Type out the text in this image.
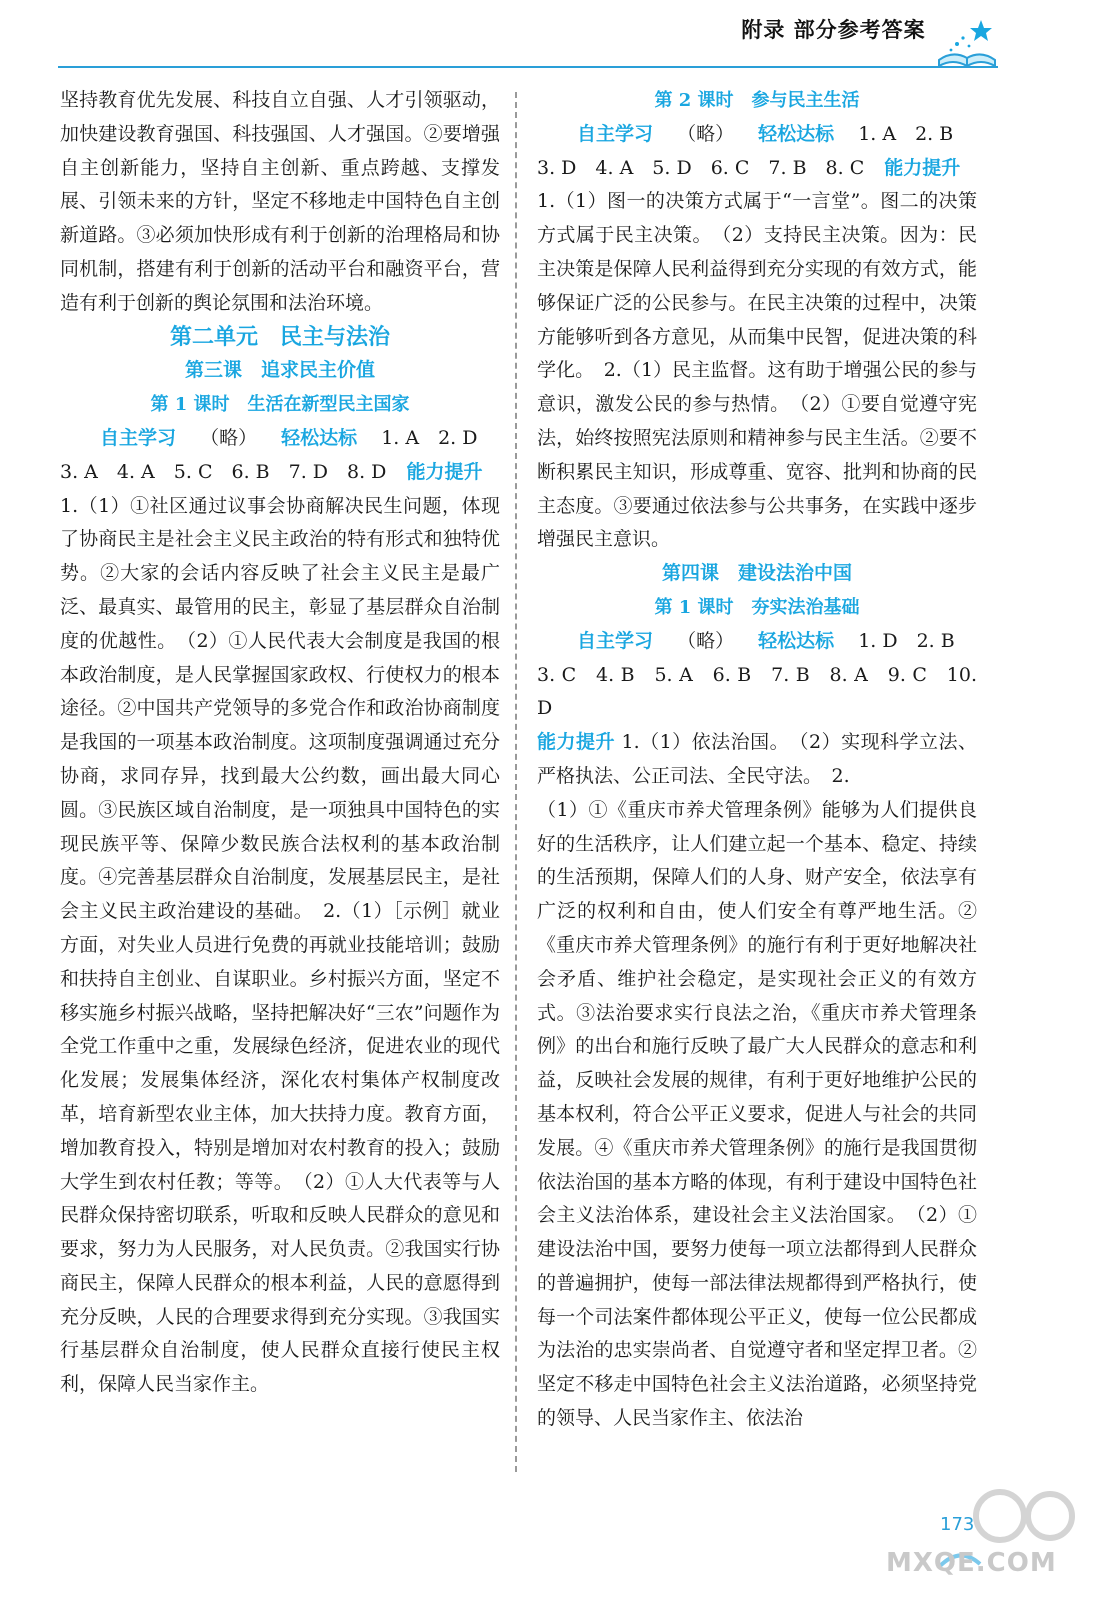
附录 部分参考答案

坚持教育优先发展、科技自立自强、人才引领驱动，加快建设教育强国、科技强国、人才强国。②要增强自主创新能力，坚持自主创新、重点跨越、支撑发展、引领未来的方针，坚定不移地走中国特色自主创新道路。③必须加快形成有利于创新的治理格局和协同机制，搭建有利于创新的活动平台和融资平台，营造有利于创新的舆论氛围和法治环境。

第二单元　民主与法治

第三课　追求民主价值

第 1 课时　生活在新型民主国家

自主学习 （略） 轻松达标 1. A　2. D
3. A　4. A　5. C　6. B　7. D　8. D 能力提升

1.（1）①社区通过议事会协商解决民生问题，体现了协商民主是社会主义民主政治的特有形式和独特优势。②大家的会话内容反映了社会主义民主是最广泛、最真实、最管用的民主，彰显了基层群众自治制度的优越性。　（2）①人民代表大会制度是我国的根本政治制度，是人民掌握国家政权、行使权力的根本途径。②中国共产党领导的多党合作和政治协商制度是我国的一项基本政治制度。这项制度强调通过充分协商，求同存异，找到最大公约数，画出最大同心圆。③民族区域自治制度，是一项独具中国特色的实现民族平等、保障少数民族合法权利的基本政治制度。④完善基层群众自治制度，发展基层民主，是社会主义民主政治建设的基础。　2.（1）［示例］就业方面，对失业人员进行免费的再就业技能培训；鼓励和扶持自主创业、自谋职业。乡村振兴方面，坚定不移实施乡村振兴战略，坚持把解决好“三农”问题作为全党工作重中之重，发展绿色经济，促进农业的现代化发展；发展集体经济，深化农村集体产权制度改革，培育新型农业主体，加大扶持力度。教育方面，增加教育投入，特别是增加对农村教育的投入；鼓励大学生到农村任教；等等。　（2）①人大代表等与人民群众保持密切联系，听取和反映人民群众的意见和要求，努力为人民服务，对人民负责。②我国实行协商民主，保障人民群众的根本利益，人民的意愿得到充分反映，人民的合理要求得到充分实现。③我国实行基层群众自治制度，使人民群众直接行使民主权利，保障人民当家作主。

第 2 课时　参与民主生活

自主学习 （略） 轻松达标 1. A　2. B
3. D　4. A　5. D　6. C　7. B　8. C 能力提升

1.（1）图一的决策方式属于“一言堂”。图二的决策方式属于民主决策。　（2）支持民主决策。因为：民主决策是保障人民利益得到充分实现的有效方式，能够保证广泛的公民参与。在民主决策的过程中，决策方能够听到各方意见，从而集中民智，促进决策的科学化。　2.（1）民主监督。这有助于增强公民的参与意识，激发公民的参与热情。　（2）①要自觉遵守宪法，始终按照宪法原则和精神参与民主生活。②要不断积累民主知识，形成尊重、宽容、批判和协商的民主态度。③要通过依法参与公共事务，在实践中逐步增强民主意识。

第四课　建设法治中国

第 1 课时　夯实法治基础

自主学习 （略） 轻松达标 1. D　2. B
3. C　4. B　5. A　6. B　7. B　8. A　9. C　10. D

能力提升 1.（1）依法治国。　（2）实现科学立法、严格执法、公正司法、全民守法。　2.

（1）①《重庆市养犬管理条例》能够为人们提供良好的生活秩序，让人们建立起一个基本、稳定、持续的生活预期，保障人们的人身、财产安全，依法享有广泛的权利和自由，使人们安全有尊严地生活。②《重庆市养犬管理条例》的施行有利于更好地解决社会矛盾、维护社会稳定，是实现社会正义的有效方式。③法治要求实行良法之治，《重庆市养犬管理条例》的出台和施行反映了最广大人民群众的意志和利益，反映社会发展的规律，有利于更好地维护公民的基本权利，符合公平正义要求，促进人与社会的共同发展。④《重庆市养犬管理条例》的施行是我国贯彻依法治国的基本方略的体现，有利于建设中国特色社会主义法治体系，建设社会主义法治国家。　（2）①建设法治中国，要努力使每一项立法都得到人民群众的普遍拥护，使每一部法律法规都得到严格执行，使每一个司法案件都体现公平正义，使每一位公民都成为法治的忠实崇尚者、自觉遵守者和坚定捍卫者。②坚定不移走中国特色社会主义法治道路，必须坚持党的领导、人民当家作主、依法治

173
MXQE.COM
